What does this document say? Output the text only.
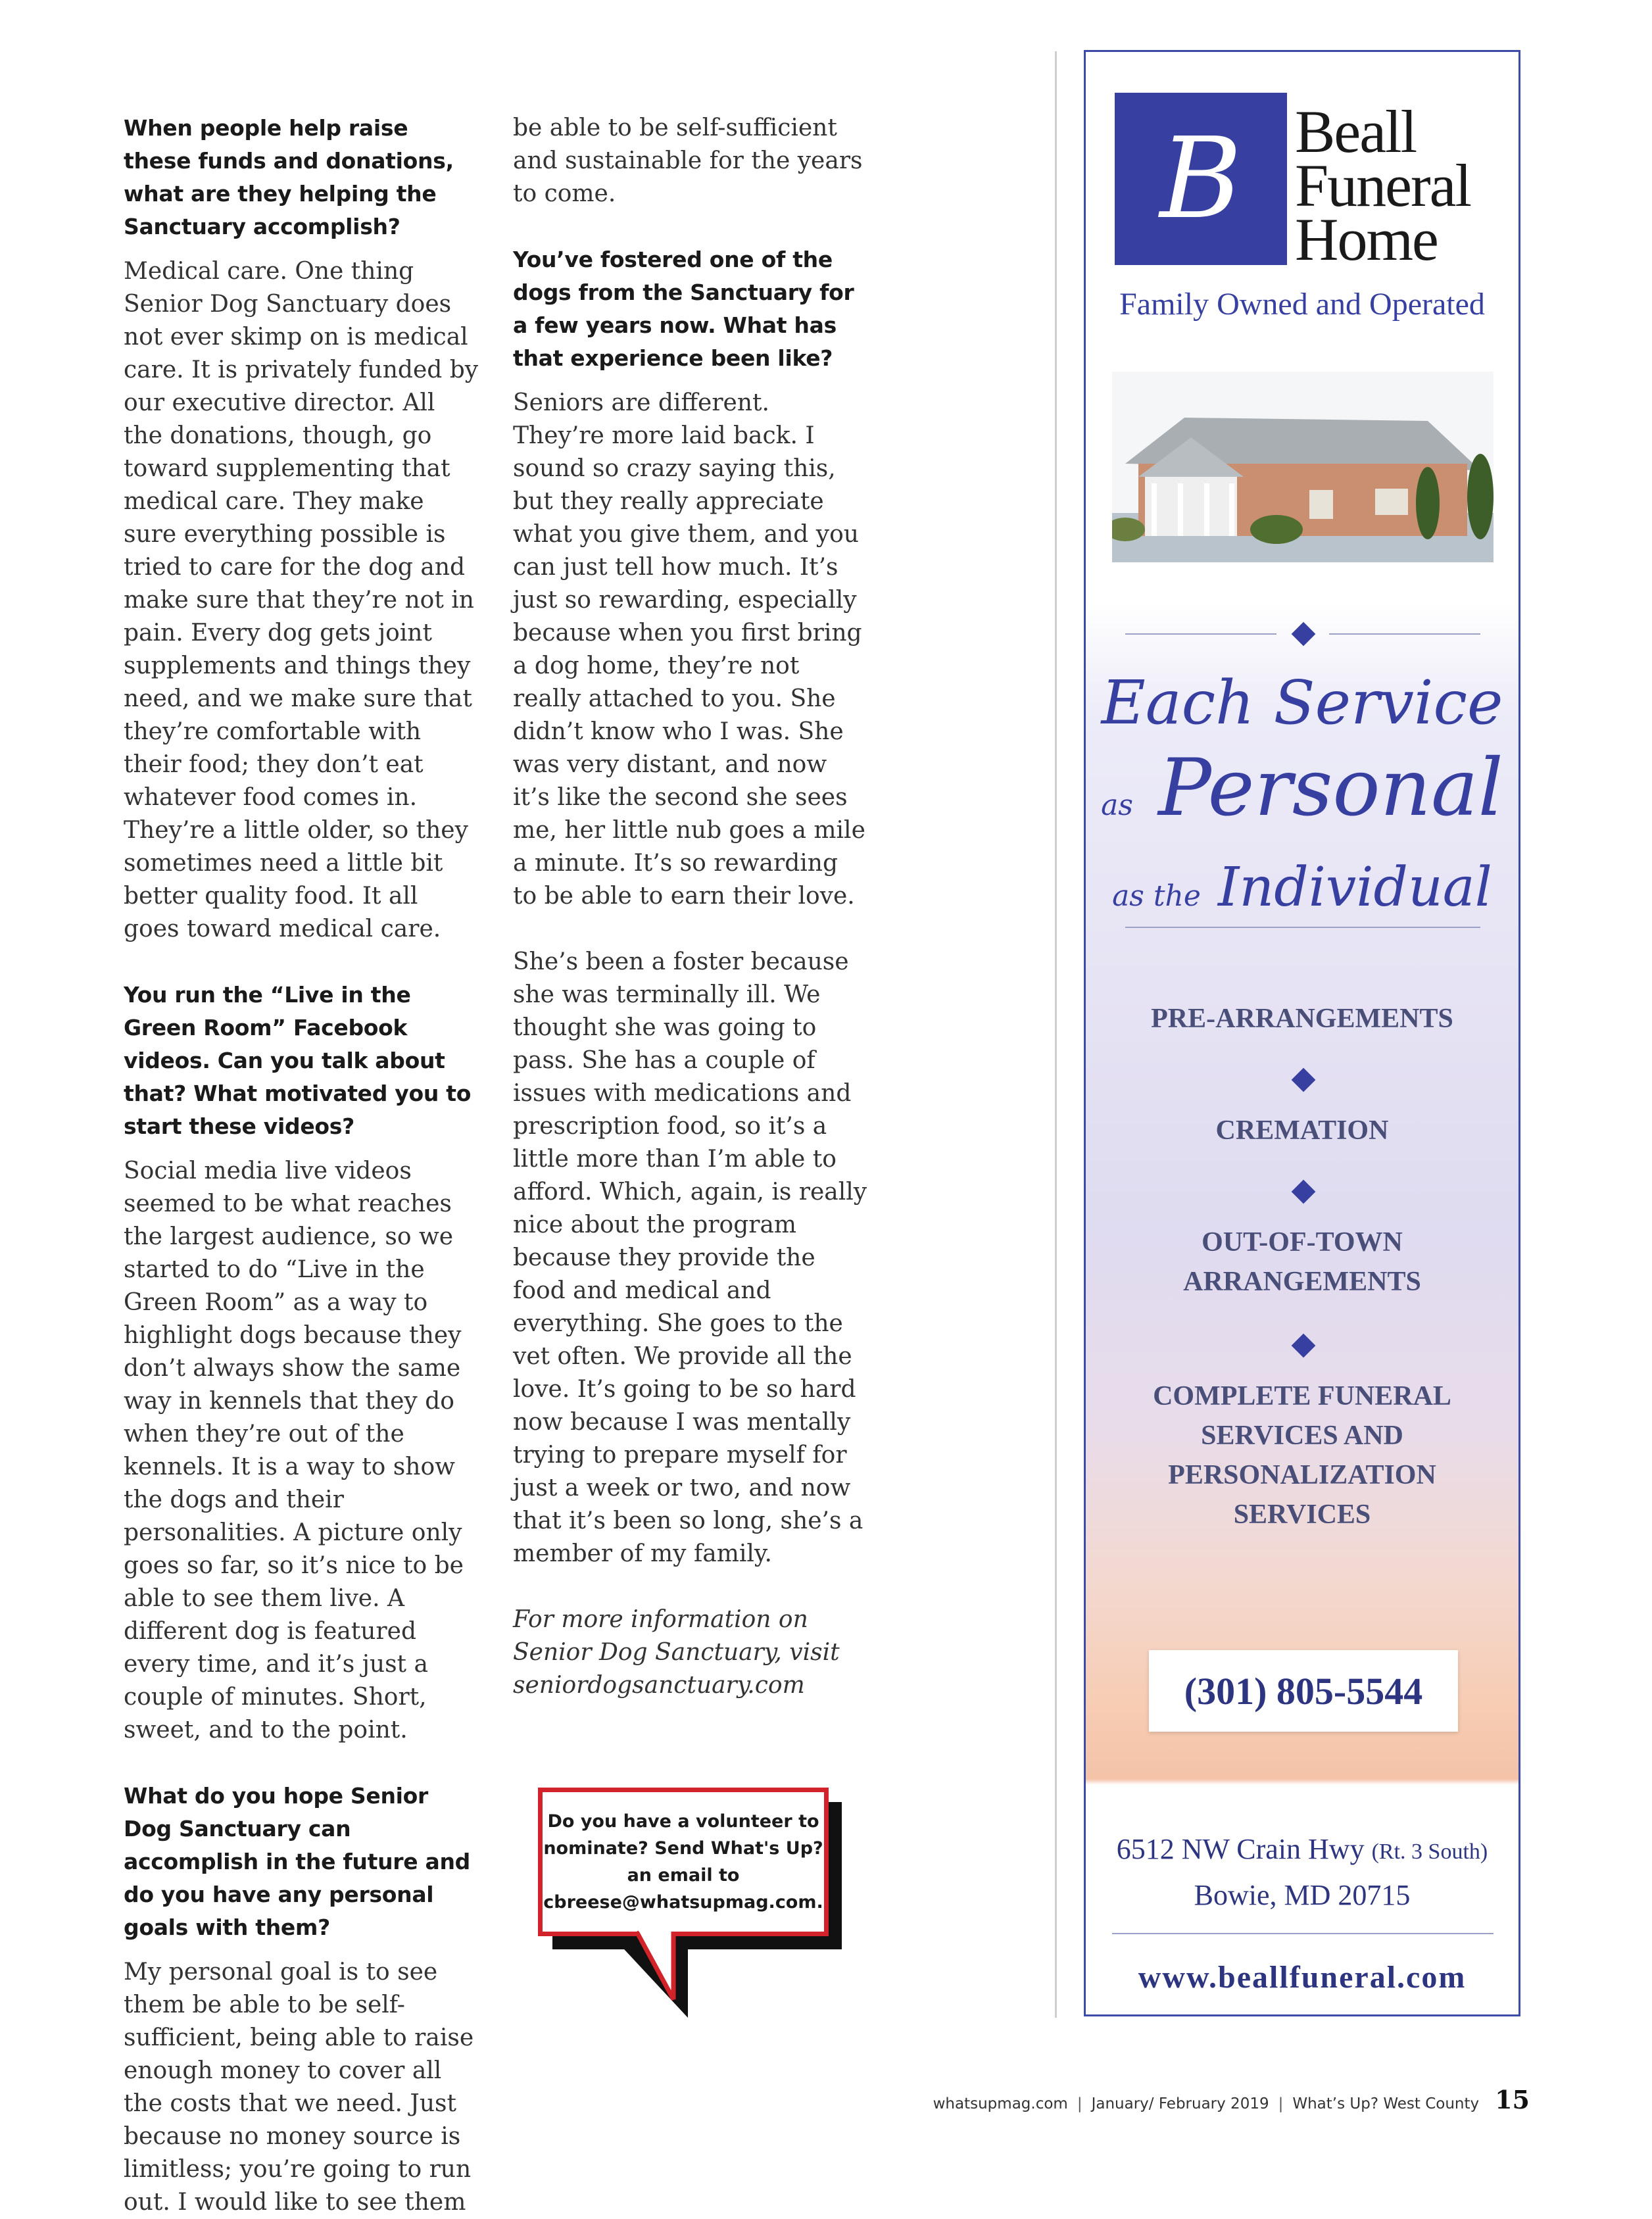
When people help raise these funds and donations, what are they helping the Sanctuary accomplish?

Medical care. One thing Senior Dog Sanctuary does not ever skimp on is medical care. It is privately funded by our executive director. All the donations, though, go toward supplementing that medical care. They make sure everything possible is tried to care for the dog and make sure that they’re not in pain. Every dog gets joint supplements and things they need, and we make sure that they’re comfortable with their food; they don’t eat whatever food comes in. They’re a little older, so they sometimes need a little bit better quality food. It all goes toward medical care.

You run the “Live in the Green Room” Facebook videos. Can you talk about that? What motivated you to start these videos?

Social media live videos seemed to be what reaches the largest audience, so we started to do “Live in the Green Room” as a way to highlight dogs because they don’t always show the same way in kennels that they do when they’re out of the kennels. It is a way to show the dogs and their personalities. A picture only goes so far, so it’s nice to be able to see them live. A different dog is featured every time, and it’s just a couple of minutes. Short, sweet, and to the point.

What do you hope Senior Dog Sanctuary can accomplish in the future and do you have any personal goals with them?

My personal goal is to see them be able to be self-sufficient, being able to raise enough money to cover all the costs that we need. Just because no money source is limitless; you’re going to run out. I would like to see them

be able to be self-sufficient and sustainable for the years to come.

You’ve fostered one of the dogs from the Sanctuary for a few years now. What has that experience been like?

Seniors are different. They’re more laid back. I sound so crazy saying this, but they really appreciate what you give them, and you can just tell how much. It’s just so rewarding, especially because when you first bring a dog home, they’re not really attached to you. She didn’t know who I was. She was very distant, and now it’s like the second she sees me, her little nub goes a mile a minute. It’s so rewarding to be able to earn their love.

She’s been a foster because she was terminally ill. We thought she was going to pass. She has a couple of issues with medications and prescription food, so it’s a little more than I’m able to afford. Which, again, is really nice about the program because they provide the food and medical and everything. She goes to the vet often. We provide all the love. It’s going to be so hard now because I was mentally trying to prepare myself for just a week or two, and now that it’s been so long, she’s a member of my family.

For more information on Senior Dog Sanctuary, visit seniordogsanctuary.com

Do you have a volunteer to nominate? Send What's Up? an email to cbreese@whatsupmag.com.
B Beall
Funeral
Home
Family Owned and Operated
Each Service
as Personal
as the Individual
PRE-ARRANGEMENTS
CREMATION
OUT-OF-TOWN ARRANGEMENTS
COMPLETE FUNERAL SERVICES AND PERSONALIZATION SERVICES
(301) 805-5544
6512 NW Crain Hwy (Rt. 3 South)
Bowie, MD 20715
www.beallfuneral.com
whatsupmag.com | January/ February 2019 | What’s Up? West County 15
